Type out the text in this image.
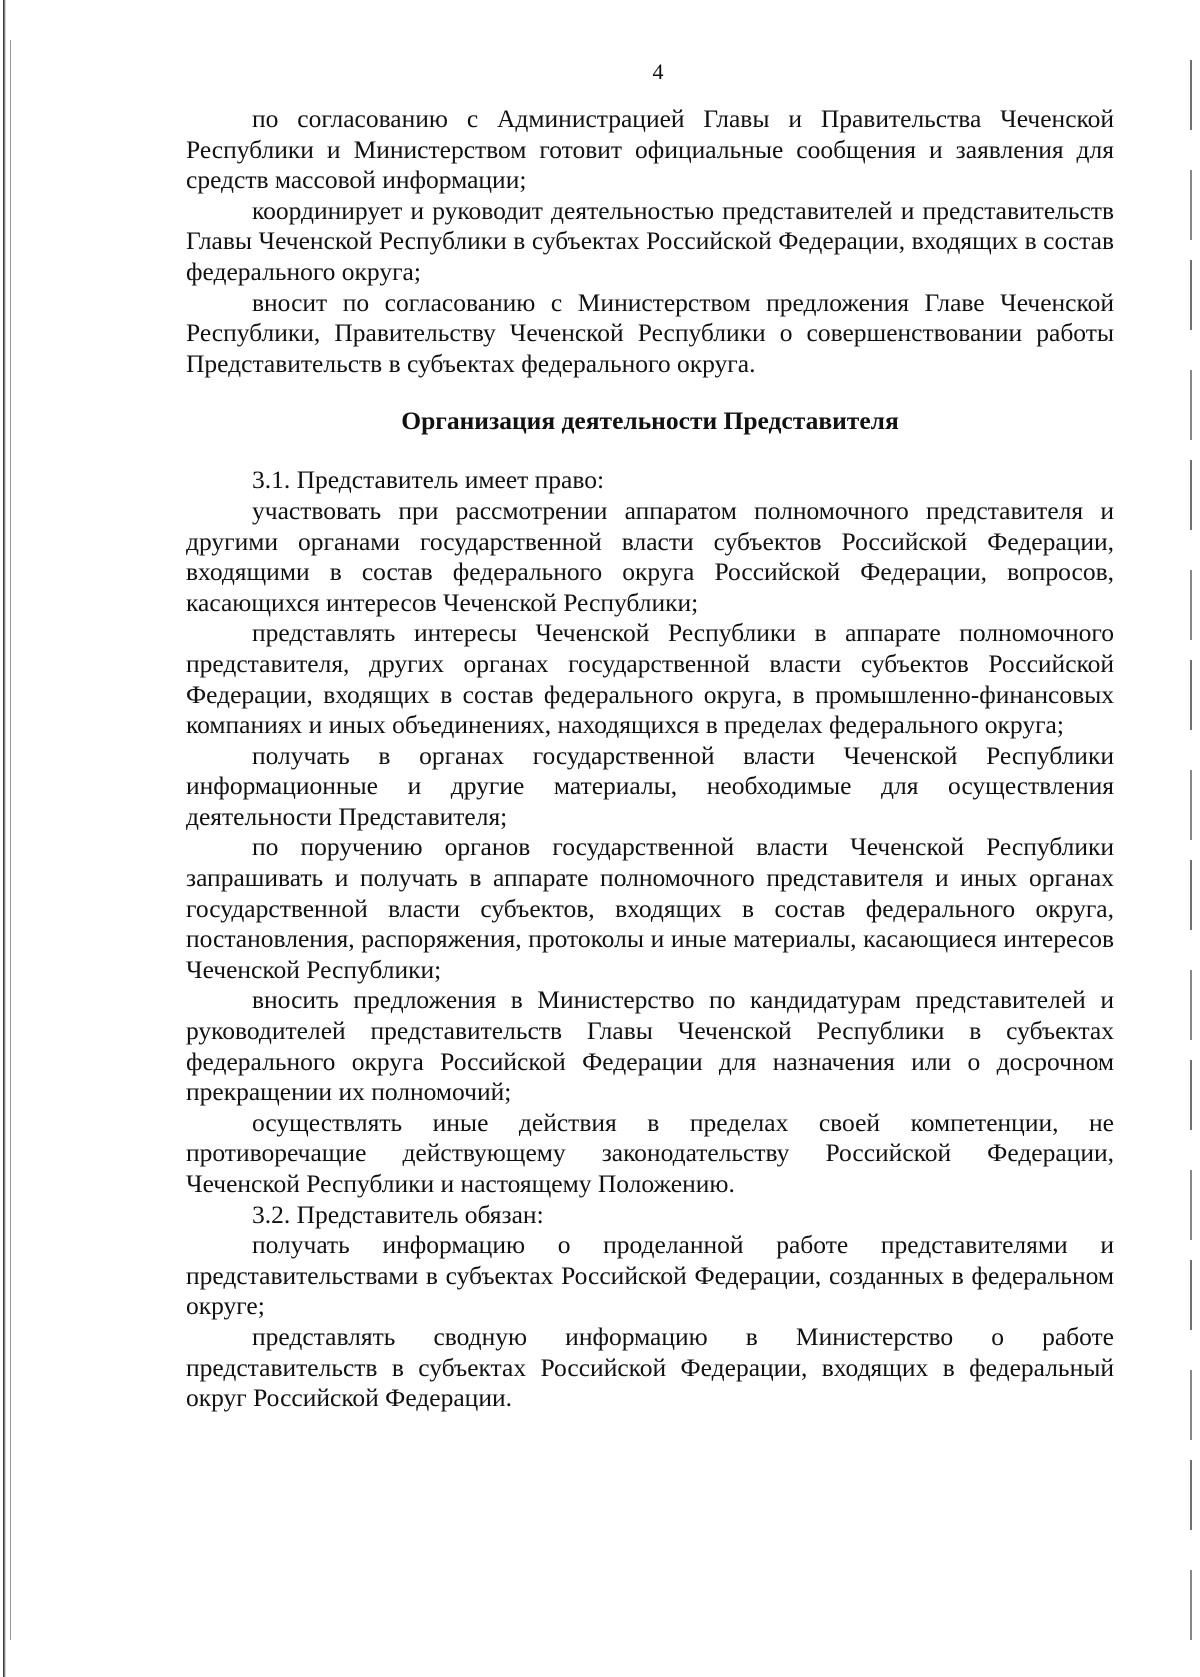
4

по согласованию с Администрацией Главы и Правительства Чеченской Республики и Министерством готовит официальные сообщения и заявления для средств массовой информации;

координирует и руководит деятельностью представителей и представительств Главы Чеченской Республики в субъектах Российской Федерации, входящих в состав федерального округа;

вносит по согласованию с Министерством предложения Главе Чеченской Республики, Правительству Чеченской Республики о совершенствовании работы Представительств в субъектах федерального округа.

Организация деятельности Представителя

3.1. Представитель имеет право:

участвовать при рассмотрении аппаратом полномочного представителя и другими органами государственной власти субъектов Российской Федерации, входящими в состав федерального округа Российской Федерации, вопросов, касающихся интересов Чеченской Республики;

представлять интересы Чеченской Республики в аппарате полномочного представителя, других органах государственной власти субъектов Российской Федерации, входящих в состав федерального округа, в промышленно-финансовых компаниях и иных объединениях, находящихся в пределах федерального округа;

получать в органах государственной власти Чеченской Республики информационные и другие материалы, необходимые для осуществления деятельности Представителя;

по поручению органов государственной власти Чеченской Республики запрашивать и получать в аппарате полномочного представителя и иных органах государственной власти субъектов, входящих в состав федерального округа, постановления, распоряжения, протоколы и иные материалы, касающиеся интересов Чеченской Республики;

вносить предложения в Министерство по кандидатурам представителей и руководителей представительств Главы Чеченской Республики в субъектах федерального округа Российской Федерации для назначения или о досрочном прекращении их полномочий;

осуществлять иные действия в пределах своей компетенции, не противоречащие действующему законодательству Российской Федерации, Чеченской Республики и настоящему Положению.

3.2. Представитель обязан:

получать информацию о проделанной работе представителями и представительствами в субъектах Российской Федерации, созданных в федеральном округе;

представлять сводную информацию в Министерство о работе представительств в субъектах Российской Федерации, входящих в федеральный округ Российской Федерации.
